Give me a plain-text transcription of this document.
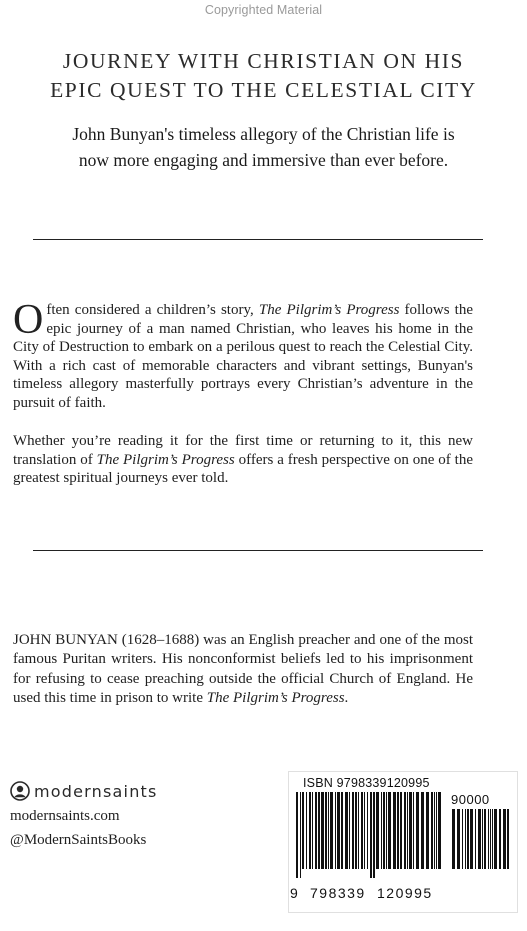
Copyrighted Material
JOURNEY WITH CHRISTIAN ON HIS
EPIC QUEST TO THE CELESTIAL CITY

John Bunyan's timeless allegory of the Christian life is
now more engaging and immersive than ever before.

Often considered a children’s story, The Pilgrim’s Progress follows the epic journey of a man named Christian, who leaves his home in the City of Destruction to embark on a perilous quest to reach the Celestial City. With a rich cast of memorable characters and vibrant settings, Bunyan's timeless allegory masterfully portrays every Christian’s adventure in the pursuit of faith.

Whether you’re reading it for the first time or returning to it, this new translation of The Pilgrim’s Progress offers a fresh perspective on one of the greatest spiritual journeys ever told.

JOHN BUNYAN (1628–1688) was an English preacher and one of the most famous Puritan writers. His nonconformist beliefs led to his imprisonment for refusing to cease preaching outside the official Church of England. He used this time in prison to write The Pilgrim’s Progress.

modernsaints
modernsaints.com
@ModernSaintsBooks
ISBN 9798339120995
90000
9 798339 120995
